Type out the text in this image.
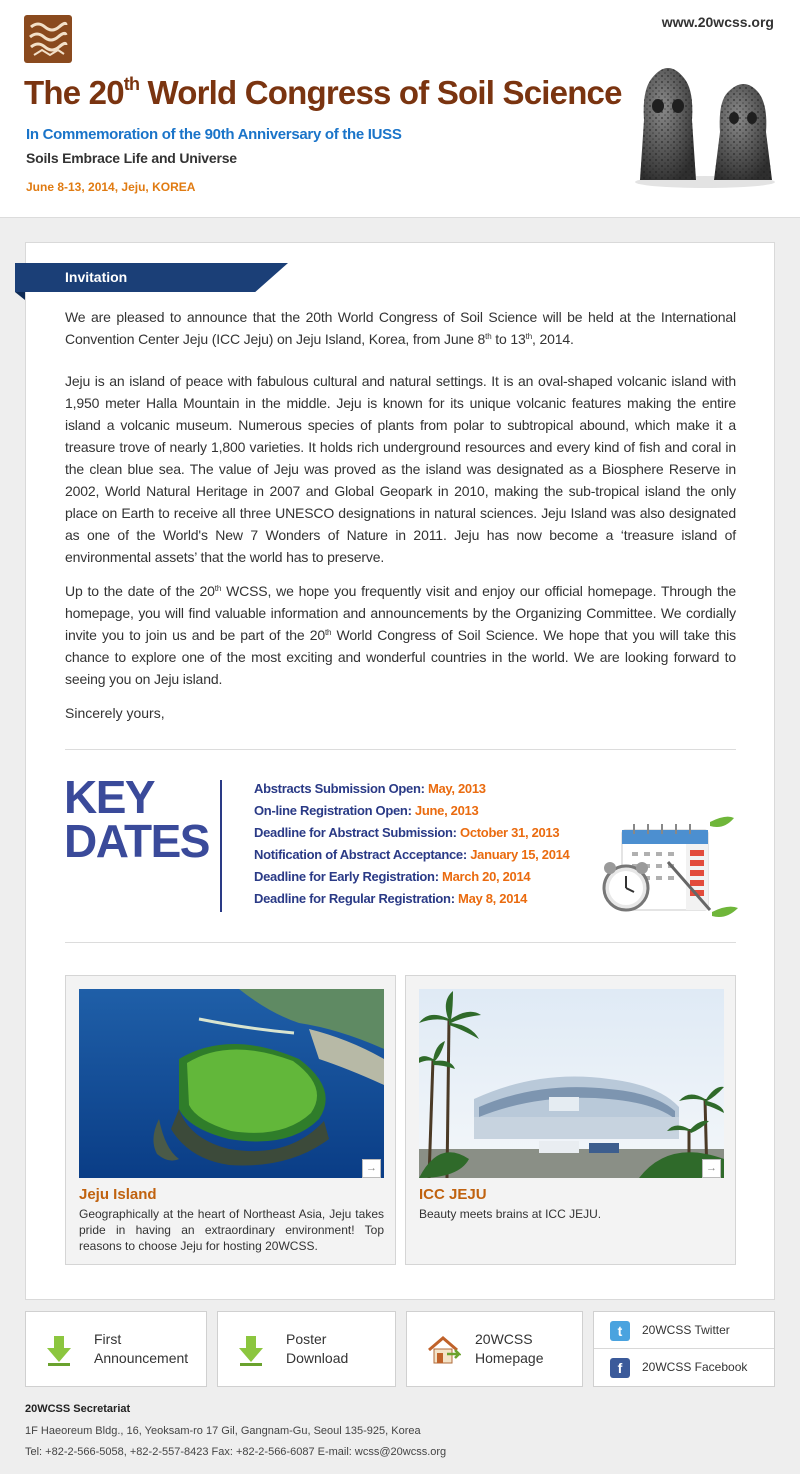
www.20wcss.org
The 20th World Congress of Soil Science
In Commemoration of the 90th Anniversary of the IUSS
Soils Embrace Life and Universe
June 8-13, 2014, Jeju, KOREA
Invitation

We are pleased to announce that the 20th World Congress of Soil Science will be held at the International Convention Center Jeju (ICC Jeju) on Jeju Island, Korea, from June 8th to 13th, 2014.

Jeju is an island of peace with fabulous cultural and natural settings. It is an oval-shaped volcanic island with 1,950 meter Halla Mountain in the middle. Jeju is known for its unique volcanic features making the entire island a volcanic museum. Numerous species of plants from polar to subtropical abound, which make it a treasure trove of nearly 1,800 varieties. It holds rich underground resources and every kind of fish and coral in the clean blue sea. The value of Jeju was proved as the island was designated as a Biosphere Reserve in 2002, World Natural Heritage in 2007 and Global Geopark in 2010, making the sub-tropical island the only place on Earth to receive all three UNESCO designations in natural sciences. Jeju Island was also designated as one of the World's New 7 Wonders of Nature in 2011. Jeju has now become a ‘treasure island of environmental assets’ that the world has to preserve.

Up to the date of the 20th WCSS, we hope you frequently visit and enjoy our official homepage. Through the homepage, you will find valuable information and announcements by the Organizing Committee. We cordially invite you to join us and be part of the 20th World Congress of Soil Science. We hope that you will take this chance to explore one of the most exciting and wonderful countries in the world. We are looking forward to seeing you on Jeju island.

Sincerely yours,

KEY
DATES
Abstracts Submission Open: May, 2013
On-line Registration Open: June, 2013
Deadline for Abstract Submission: October 31, 2013
Notification of Abstract Acceptance: January 15, 2014
Deadline for Early Registration: March 20, 2014
Deadline for Regular Registration: May 8, 2014
→
Jeju Island
Geographically at the heart of Northeast Asia, Jeju takes pride in having an extraordinary environment! Top reasons to choose Jeju for hosting 20WCSS.
→
ICC JEJU
Beauty meets brains at ICC JEJU.
First
Announcement
Poster
Download
20WCSS
Homepage
t	20WCSS Twitter
f	20WCSS Facebook
20WCSS Secretariat
1F Haeoreum Bldg., 16, Yeoksam-ro 17 Gil, Gangnam-Gu, Seoul 135-925, Korea
Tel: +82-2-566-5058, +82-2-557-8423 Fax: +82-2-566-6087 E-mail: wcss@20wcss.org
